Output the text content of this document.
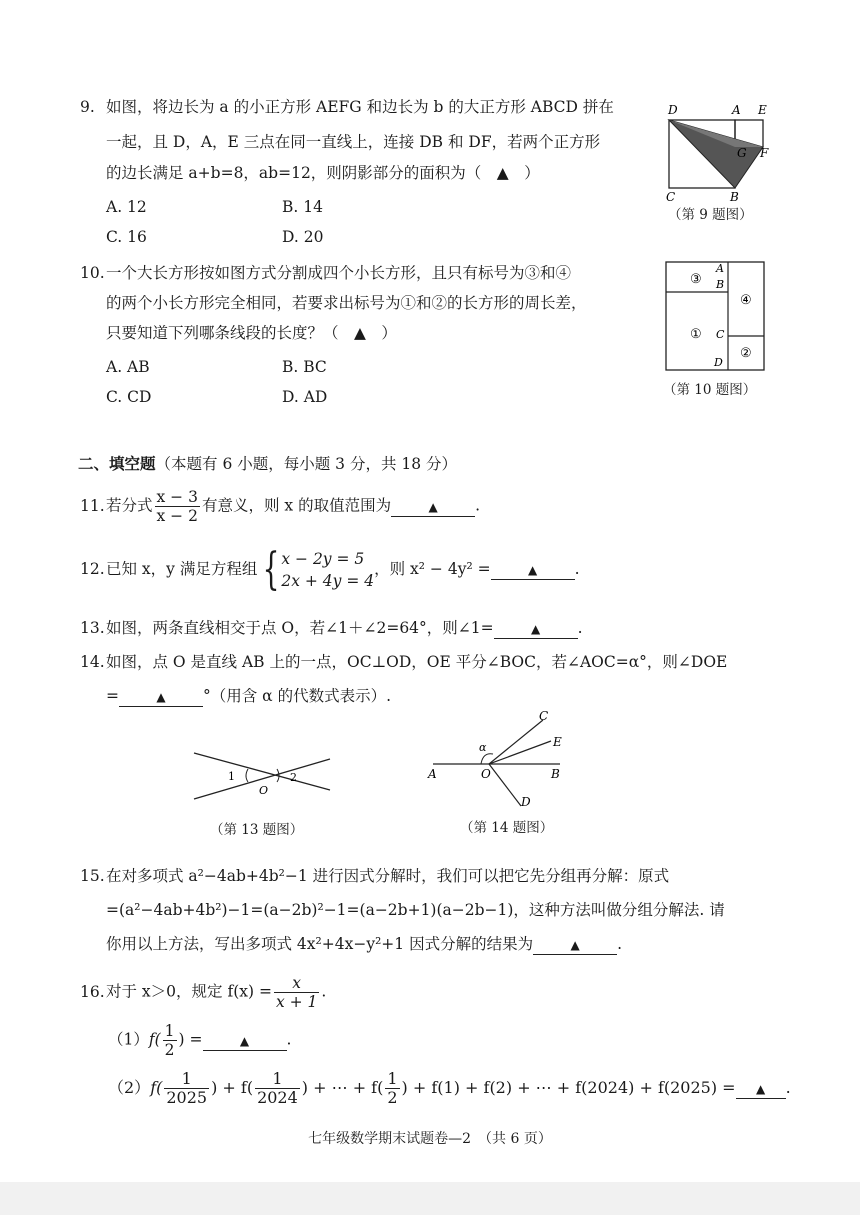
9. 如图，将边长为 a 的小正方形 AEFG 和边长为 b 的大正方形 ABCD 拼在
一起，且 D，A，E 三点在同一直线上，连接 DB 和 DF，若两个正方形
的边长满足 a+b=8，ab=12，则阴影部分的面积为（　▲　）
A. 12	B. 14
C. 16	D. 20
D	A E
G F
C	B
（第 9 题图）
10.一个大长方形按如图方式分割成四个小长方形，且只有标号为③和④
的两个小长方形完全相同，若要求出标号为①和②的长方形的周长差，
只要知道下列哪条线段的长度？（　▲　）
A. AB	B. BC
C. CD	D. AD
③
④
①
②
A
B
C
D
（第 10 题图）
二、填空题（本题有 6 小题，每小题 3 分，共 18 分）
11.若分式 $\frac{x - 3}{x - 2}$ 有意义，则 x 的取值范围为	▲ .
12.已知 x，y 满足方程组 { x − 2y = 5
2x + 4y = 4
，则 x² − 4y² =	▲ .
13.如图，两条直线相交于点 O，若∠1＋∠2=64°，则∠1=	▲ .
14.如图，点 O 是直线 AB 上的一点，OC⊥OD，OE 平分∠BOC，若∠AOC=α°，则∠DOE
=	▲ °（用含 α 的代数式表示）.
1	2
O
（第 13 题图）
α
A	O	B
C
E
D
（第 14 题图）
15.在对多项式 a²−4ab+4b²−1 进行因式分解时，我们可以把它先分组再分解：原式
=(a²−4ab+4b²)−1=(a−2b)²−1=(a−2b+1)(a−2b−1)，这种方法叫做分组分解法. 请
你用以上方法，写出多项式 4x²+4x−y²+1 因式分解的结果为	▲ .
16.对于 x＞0，规定 $f(x) = \frac{x}{x + 1}$ .
$(1)f( \frac{1}{2}$ ) =	▲ .
$(2)f( \frac{1}{2025}$ ) + $f( \frac{1}{2024}$ ) + ⋯ + $f( \frac{1}{2}$ ) + f(1) + f(2) + ⋯ + f(2024) + f(2025) = ▲ .
七年级数学期末试题卷—2　（共 6 页）
